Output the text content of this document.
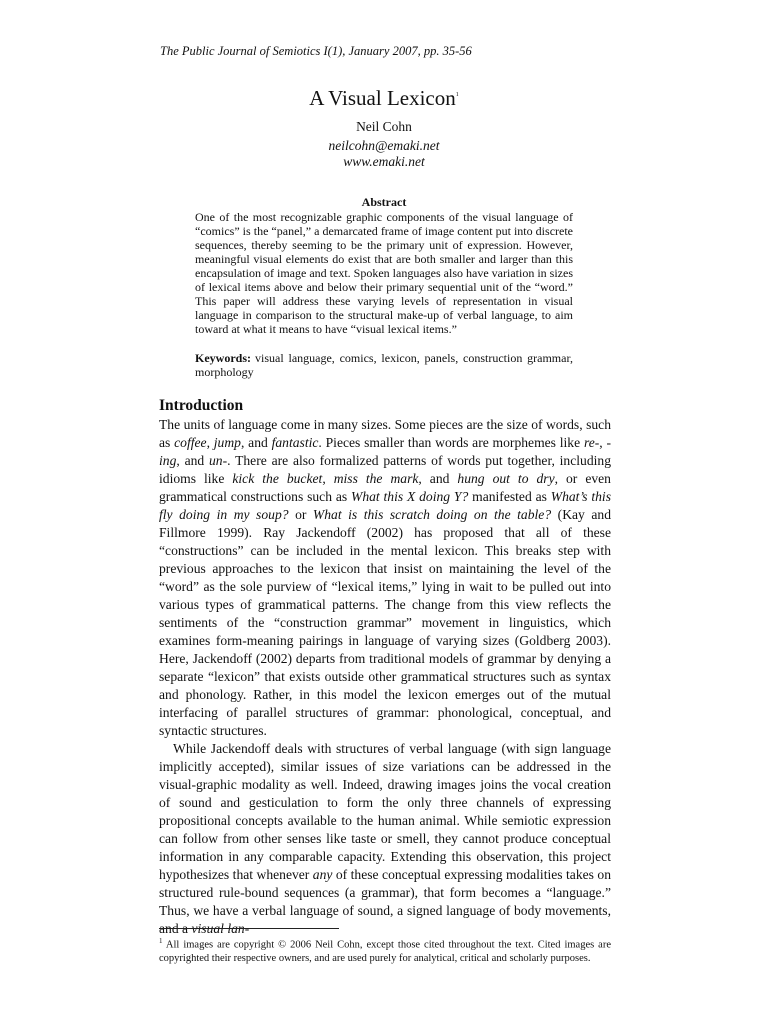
The Public Journal of Semiotics I(1), January 2007, pp. 35-56
A Visual Lexicon$^1$
Neil Cohn
neilcohn@emaki.net
www.emaki.net
Abstract
One of the most recognizable graphic components of the visual language of “comics” is the “panel,” a demarcated frame of image content put into discrete sequences, thereby seeming to be the primary unit of expression. However, meaningful visual elements do exist that are both smaller and larger than this encapsulation of image and text. Spoken languages also have variation in sizes of lexical items above and below their primary sequential unit of the “word.” This paper will address these varying levels of representation in visual language in comparison to the structural make-up of verbal language, to aim toward at what it means to have “visual lexical items.”
Keywords: visual language, comics, lexicon, panels, construction grammar, morphology
Introduction

The units of language come in many sizes. Some pieces are the size of words, such as coffee, jump, and fantastic. Pieces smaller than words are morphemes like re-, -ing, and un-. There are also formalized patterns of words put together, including idioms like kick the bucket, miss the mark, and hung out to dry, or even grammatical constructions such as What this X doing Y? manifested as What’s this fly doing in my soup? or What is this scratch doing on the table? (Kay and Fillmore 1999). Ray Jackendoff (2002) has proposed that all of these “constructions” can be included in the mental lexicon. This breaks step with previous approaches to the lexicon that insist on maintaining the level of the “word” as the sole purview of “lexical items,” lying in wait to be pulled out into various types of grammatical patterns. The change from this view reflects the sentiments of the “construction grammar” movement in linguistics, which examines form-meaning pairings in language of varying sizes (Goldberg 2003). Here, Jackendoff (2002) departs from traditional models of grammar by denying a separate “lexicon” that exists outside other grammatical structures such as syntax and phonology. Rather, in this model the lexicon emerges out of the mutual interfacing of parallel structures of grammar: phonological, conceptual, and syntactic structures.

While Jackendoff deals with structures of verbal language (with sign language implicitly accepted), similar issues of size variations can be addressed in the visual-graphic modality as well. Indeed, drawing images joins the vocal creation of sound and gesticulation to form the only three channels of expressing propositional concepts available to the human animal. While semiotic expression can follow from other senses like taste or smell, they cannot produce conceptual information in any comparable capacity. Extending this observation, this project hypothesizes that whenever any of these conceptual expressing modalities takes on structured rule-bound sequences (a grammar), that form becomes a “language.” Thus, we have a verbal language of sound, a signed language of body movements, and a visual lan-

$^1$ All images are copyright © 2006 Neil Cohn, except those cited throughout the text. Cited images are copyrighted their respective owners, and are used purely for analytical, critical and scholarly purposes.
